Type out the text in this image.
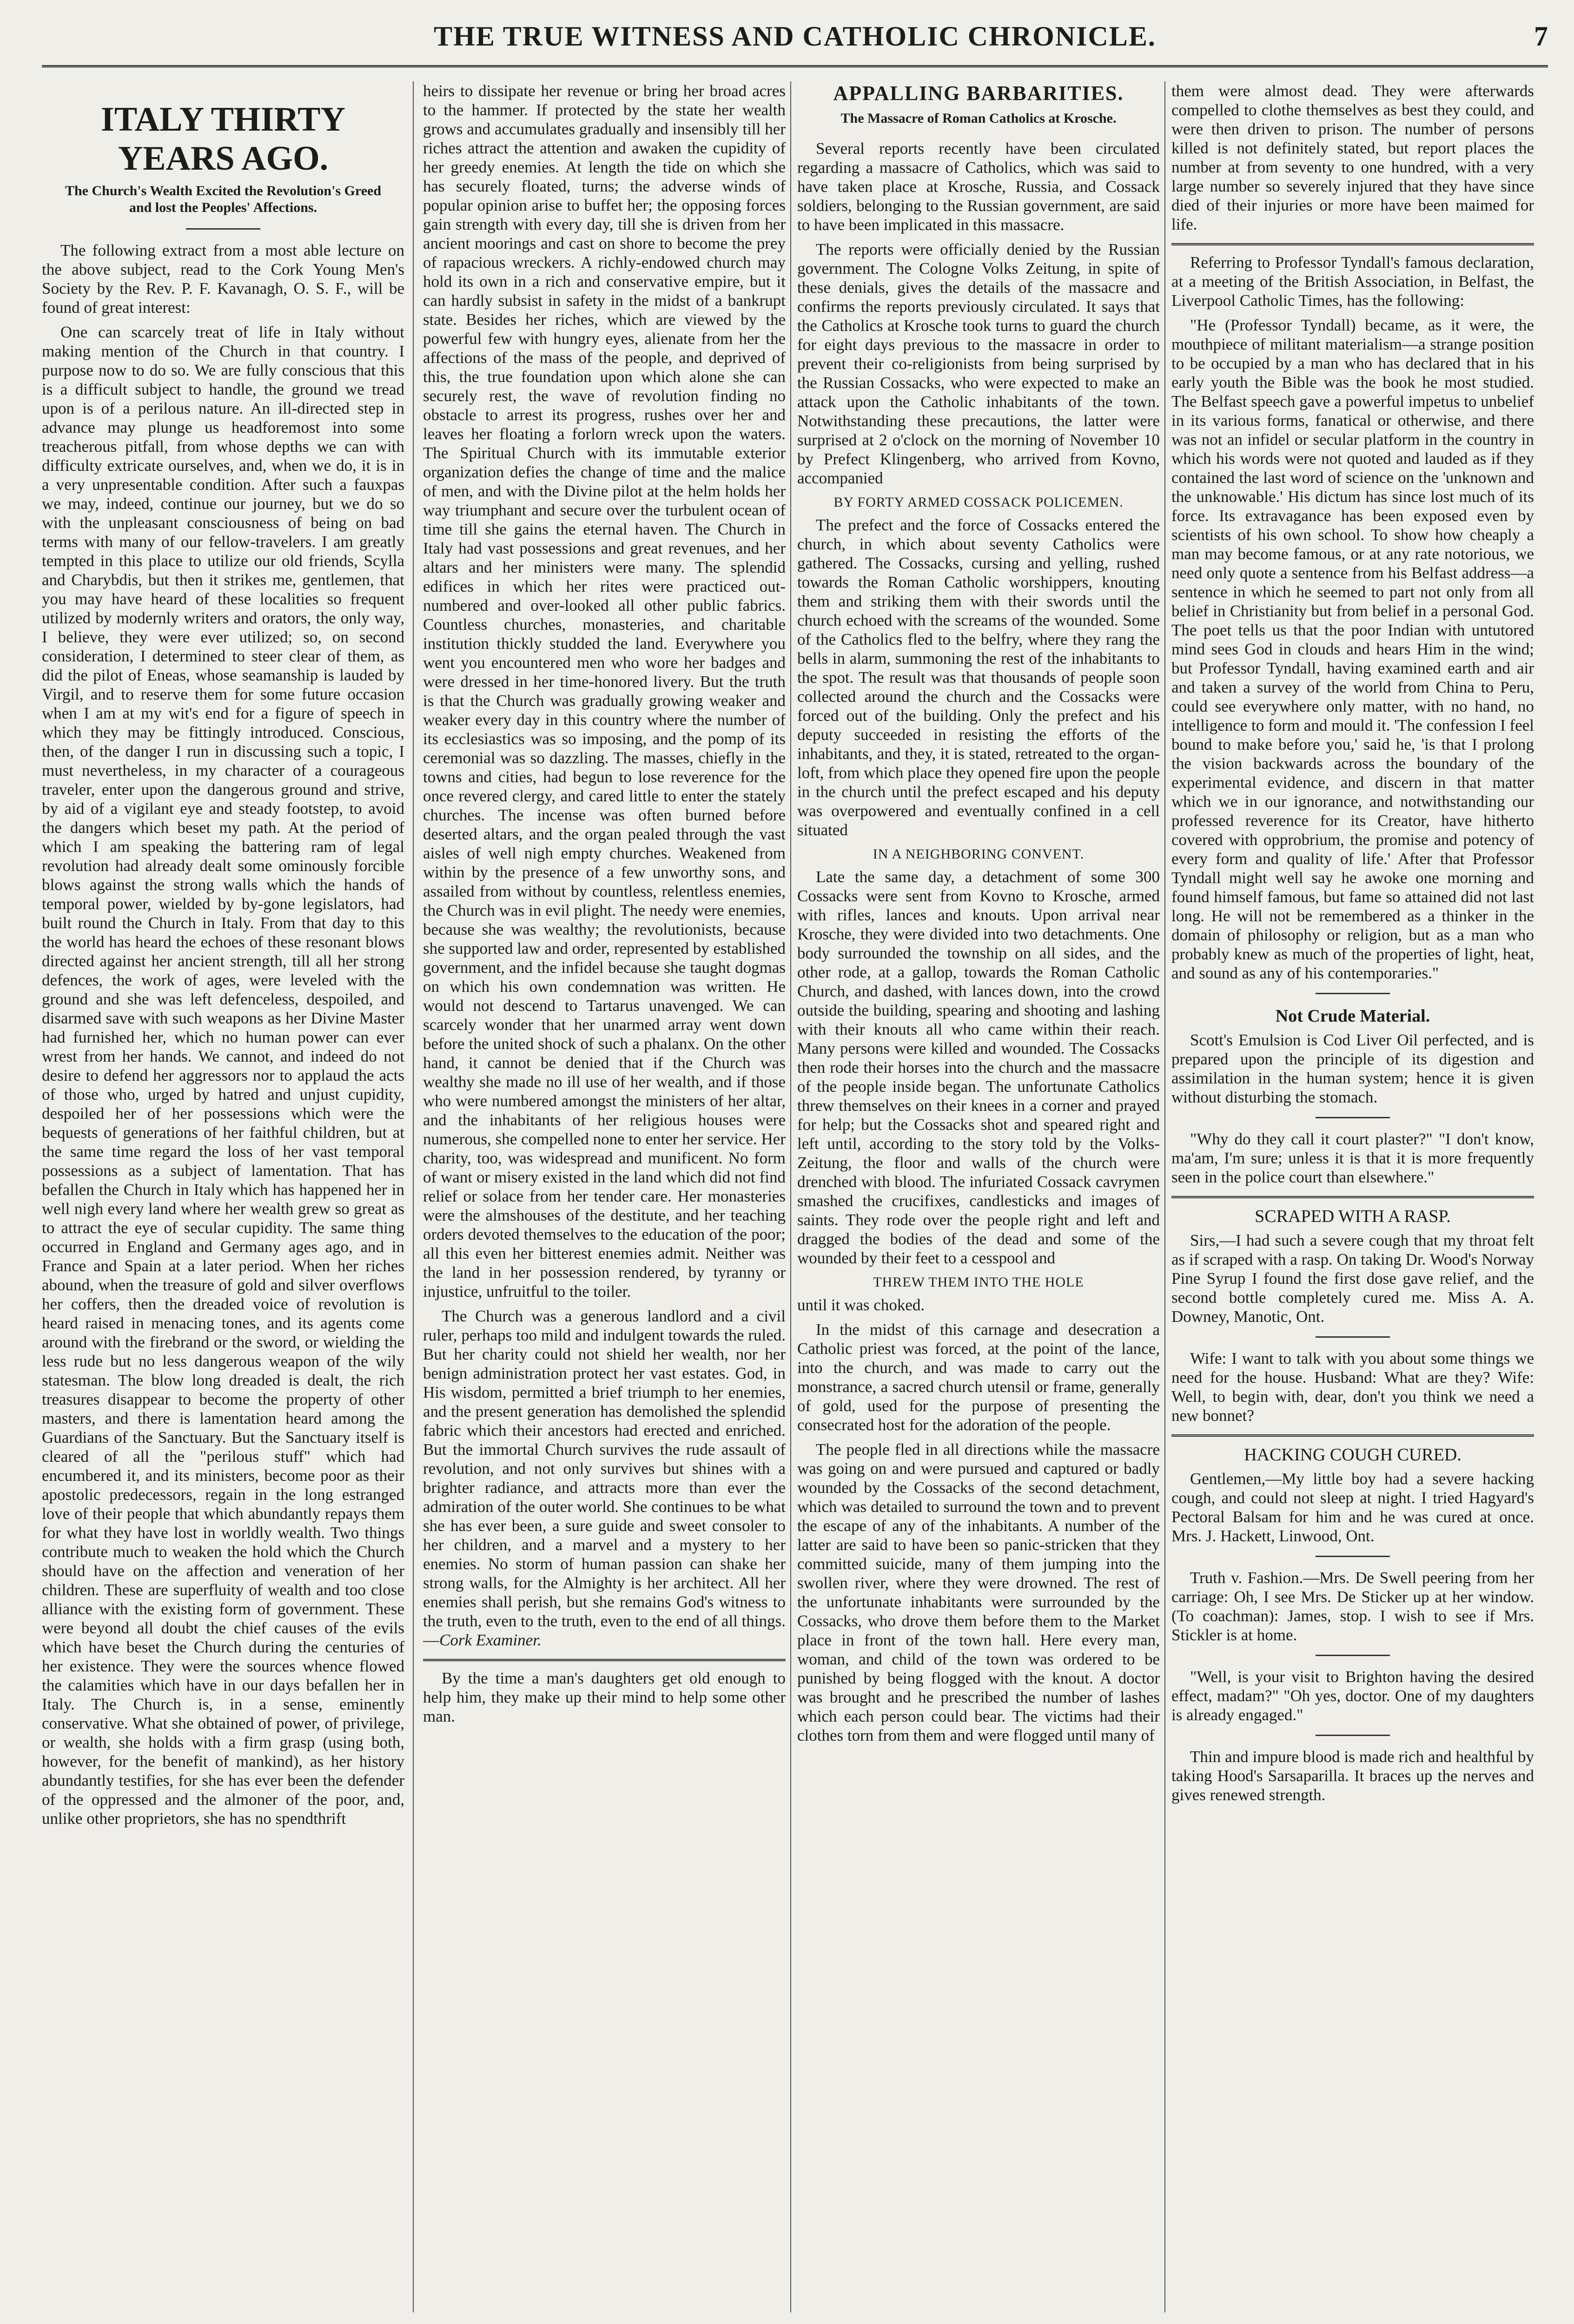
THE TRUE WITNESS AND CATHOLIC CHRONICLE.	7
ITALY THIRTY YEARS AGO.
The Church's Wealth Excited the Revolution's Greed and lost the Peoples' Affections.

The following extract from a most able lecture on the above subject, read to the Cork Young Men's Society by the Rev. P. F. Kavanagh, O. S. F., will be found of great interest:

One can scarcely treat of life in Italy without making mention of the Church in that country. I purpose now to do so. We are fully conscious that this is a difficult subject to handle, the ground we tread upon is of a perilous nature. An ill-directed step in advance may plunge us headforemost into some treacherous pitfall, from whose depths we can with difficulty extricate ourselves, and, when we do, it is in a very unpresentable condition. After such a fauxpas we may, indeed, continue our journey, but we do so with the unpleasant consciousness of being on bad terms with many of our fellow-travelers. I am greatly tempted in this place to utilize our old friends, Scylla and Charybdis, but then it strikes me, gentlemen, that you may have heard of these localities so frequent utilized by modernly writers and orators, the only way, I believe, they were ever utilized; so, on second consideration, I determined to steer clear of them, as did the pilot of Eneas, whose seamanship is lauded by Virgil, and to reserve them for some future occasion when I am at my wit's end for a figure of speech in which they may be fittingly introduced. Conscious, then, of the danger I run in discussing such a topic, I must nevertheless, in my character of a courageous traveler, enter upon the dangerous ground and strive, by aid of a vigilant eye and steady footstep, to avoid the dangers which beset my path. At the period of which I am speaking the battering ram of legal revolution had already dealt some ominously forcible blows against the strong walls which the hands of temporal power, wielded by by-gone legislators, had built round the Church in Italy. From that day to this the world has heard the echoes of these resonant blows directed against her ancient strength, till all her strong defences, the work of ages, were leveled with the ground and she was left defenceless, despoiled, and disarmed save with such weapons as her Divine Master had furnished her, which no human power can ever wrest from her hands. We cannot, and indeed do not desire to defend her aggressors nor to applaud the acts of those who, urged by hatred and unjust cupidity, despoiled her of her possessions which were the bequests of generations of her faithful children, but at the same time regard the loss of her vast temporal possessions as a subject of lamentation. That has befallen the Church in Italy which has happened her in well nigh every land where her wealth grew so great as to attract the eye of secular cupidity. The same thing occurred in England and Germany ages ago, and in France and Spain at a later period. When her riches abound, when the treasure of gold and silver overflows her coffers, then the dreaded voice of revolution is heard raised in menacing tones, and its agents come around with the firebrand or the sword, or wielding the less rude but no less dangerous weapon of the wily statesman. The blow long dreaded is dealt, the rich treasures disappear to become the property of other masters, and there is lamentation heard among the Guardians of the Sanctuary. But the Sanctuary itself is cleared of all the "perilous stuff" which had encumbered it, and its ministers, become poor as their apostolic predecessors, regain in the long estranged love of their people that which abundantly repays them for what they have lost in worldly wealth. Two things contribute much to weaken the hold which the Church should have on the affection and veneration of her children. These are superfluity of wealth and too close alliance with the existing form of government. These were beyond all doubt the chief causes of the evils which have beset the Church during the centuries of her existence. They were the sources whence flowed the calamities which have in our days befallen her in Italy. The Church is, in a sense, eminently conservative. What she obtained of power, of privilege, or wealth, she holds with a firm grasp (using both, however, for the benefit of mankind), as her history abundantly testifies, for she has ever been the defender of the oppressed and the almoner of the poor, and, unlike other proprietors, she has no spendthrift

heirs to dissipate her revenue or bring her broad acres to the hammer. If protected by the state her wealth grows and accumulates gradually and insensibly till her riches attract the attention and awaken the cupidity of her greedy enemies. At length the tide on which she has securely floated, turns; the adverse winds of popular opinion arise to buffet her; the opposing forces gain strength with every day, till she is driven from her ancient moorings and cast on shore to become the prey of rapacious wreckers. A richly-endowed church may hold its own in a rich and conservative empire, but it can hardly subsist in safety in the midst of a bankrupt state. Besides her riches, which are viewed by the powerful few with hungry eyes, alienate from her the affections of the mass of the people, and deprived of this, the true foundation upon which alone she can securely rest, the wave of revolution finding no obstacle to arrest its progress, rushes over her and leaves her floating a forlorn wreck upon the waters. The Spiritual Church with its immutable exterior organization defies the change of time and the malice of men, and with the Divine pilot at the helm holds her way triumphant and secure over the turbulent ocean of time till she gains the eternal haven. The Church in Italy had vast possessions and great revenues, and her altars and her ministers were many. The splendid edifices in which her rites were practiced out-numbered and over-looked all other public fabrics. Countless churches, monasteries, and charitable institution thickly studded the land. Everywhere you went you encountered men who wore her badges and were dressed in her time-honored livery. But the truth is that the Church was gradually growing weaker and weaker every day in this country where the number of its ecclesiastics was so imposing, and the pomp of its ceremonial was so dazzling. The masses, chiefly in the towns and cities, had begun to lose reverence for the once revered clergy, and cared little to enter the stately churches. The incense was often burned before deserted altars, and the organ pealed through the vast aisles of well nigh empty churches. Weakened from within by the presence of a few unworthy sons, and assailed from without by countless, relentless enemies, the Church was in evil plight. The needy were enemies, because she was wealthy; the revolutionists, because she supported law and order, represented by established government, and the infidel because she taught dogmas on which his own condemnation was written. He would not descend to Tartarus unavenged. We can scarcely wonder that her unarmed array went down before the united shock of such a phalanx. On the other hand, it cannot be denied that if the Church was wealthy she made no ill use of her wealth, and if those who were numbered amongst the ministers of her altar, and the inhabitants of her religious houses were numerous, she compelled none to enter her service. Her charity, too, was widespread and munificent. No form of want or misery existed in the land which did not find relief or solace from her tender care. Her monasteries were the almshouses of the destitute, and her teaching orders devoted themselves to the education of the poor; all this even her bitterest enemies admit. Neither was the land in her possession rendered, by tyranny or injustice, unfruitful to the toiler.

The Church was a generous landlord and a civil ruler, perhaps too mild and indulgent towards the ruled. But her charity could not shield her wealth, nor her benign administration protect her vast estates. God, in His wisdom, permitted a brief triumph to her enemies, and the present generation has demolished the splendid fabric which their ancestors had erected and enriched. But the immortal Church survives the rude assault of revolution, and not only survives but shines with a brighter radiance, and attracts more than ever the admiration of the outer world. She continues to be what she has ever been, a sure guide and sweet consoler to her children, and a marvel and a mystery to her enemies. No storm of human passion can shake her strong walls, for the Almighty is her architect. All her enemies shall perish, but she remains God's witness to the truth, even to the truth, even to the end of all things.—Cork Examiner.

By the time a man's daughters get old enough to help him, they make up their mind to help some other man.

APPALLING BARBARITIES.
The Massacre of Roman Catholics at Krosche.

Several reports recently have been circulated regarding a massacre of Catholics, which was said to have taken place at Krosche, Russia, and Cossack soldiers, belonging to the Russian government, are said to have been implicated in this massacre.

The reports were officially denied by the Russian government. The Cologne Volks Zeitung, in spite of these denials, gives the details of the massacre and confirms the reports previously circulated. It says that the Catholics at Krosche took turns to guard the church for eight days previous to the massacre in order to prevent their co-religionists from being surprised by the Russian Cossacks, who were expected to make an attack upon the Catholic inhabitants of the town. Notwithstanding these precautions, the latter were surprised at 2 o'clock on the morning of November 10 by Prefect Klingenberg, who arrived from Kovno, accompanied

BY FORTY ARMED COSSACK POLICEMEN.

The prefect and the force of Cossacks entered the church, in which about seventy Catholics were gathered. The Cossacks, cursing and yelling, rushed towards the Roman Catholic worshippers, knouting them and striking them with their swords until the church echoed with the screams of the wounded. Some of the Catholics fled to the belfry, where they rang the bells in alarm, summoning the rest of the inhabitants to the spot. The result was that thousands of people soon collected around the church and the Cossacks were forced out of the building. Only the prefect and his deputy succeeded in resisting the efforts of the inhabitants, and they, it is stated, retreated to the organ-loft, from which place they opened fire upon the people in the church until the prefect escaped and his deputy was overpowered and eventually confined in a cell situated

IN A NEIGHBORING CONVENT.

Late the same day, a detachment of some 300 Cossacks were sent from Kovno to Krosche, armed with rifles, lances and knouts. Upon arrival near Krosche, they were divided into two detachments. One body surrounded the township on all sides, and the other rode, at a gallop, towards the Roman Catholic Church, and dashed, with lances down, into the crowd outside the building, spearing and shooting and lashing with their knouts all who came within their reach. Many persons were killed and wounded. The Cossacks then rode their horses into the church and the massacre of the people inside began. The unfortunate Catholics threw themselves on their knees in a corner and prayed for help; but the Cossacks shot and speared right and left until, according to the story told by the Volks-Zeitung, the floor and walls of the church were drenched with blood. The infuriated Cossack cavrymen smashed the crucifixes, candlesticks and images of saints. They rode over the people right and left and dragged the bodies of the dead and some of the wounded by their feet to a cesspool and

THREW THEM INTO THE HOLE

until it was choked.

In the midst of this carnage and desecration a Catholic priest was forced, at the point of the lance, into the church, and was made to carry out the monstrance, a sacred church utensil or frame, generally of gold, used for the purpose of presenting the consecrated host for the adoration of the people.

The people fled in all directions while the massacre was going on and were pursued and captured or badly wounded by the Cossacks of the second detachment, which was detailed to surround the town and to prevent the escape of any of the inhabitants. A number of the latter are said to have been so panic-stricken that they committed suicide, many of them jumping into the swollen river, where they were drowned. The rest of the unfortunate inhabitants were surrounded by the Cossacks, who drove them before them to the Market place in front of the town hall. Here every man, woman, and child of the town was ordered to be punished by being flogged with the knout. A doctor was brought and he prescribed the number of lashes which each person could bear. The victims had their clothes torn from them and were flogged until many of

them were almost dead. They were afterwards compelled to clothe themselves as best they could, and were then driven to prison. The number of persons killed is not definitely stated, but report places the number at from seventy to one hundred, with a very large number so severely injured that they have since died of their injuries or more have been maimed for life.

Referring to Professor Tyndall's famous declaration, at a meeting of the British Association, in Belfast, the Liverpool Catholic Times, has the following:

"He (Professor Tyndall) became, as it were, the mouthpiece of militant materialism—a strange position to be occupied by a man who has declared that in his early youth the Bible was the book he most studied. The Belfast speech gave a powerful impetus to unbelief in its various forms, fanatical or otherwise, and there was not an infidel or secular platform in the country in which his words were not quoted and lauded as if they contained the last word of science on the 'unknown and the unknowable.' His dictum has since lost much of its force. Its extravagance has been exposed even by scientists of his own school. To show how cheaply a man may become famous, or at any rate notorious, we need only quote a sentence from his Belfast address—a sentence in which he seemed to part not only from all belief in Christianity but from belief in a personal God. The poet tells us that the poor Indian with untutored mind sees God in clouds and hears Him in the wind; but Professor Tyndall, having examined earth and air and taken a survey of the world from China to Peru, could see everywhere only matter, with no hand, no intelligence to form and mould it. 'The confession I feel bound to make before you,' said he, 'is that I prolong the vision backwards across the boundary of the experimental evidence, and discern in that matter which we in our ignorance, and notwithstanding our professed reverence for its Creator, have hitherto covered with opprobrium, the promise and potency of every form and quality of life.' After that Professor Tyndall might well say he awoke one morning and found himself famous, but fame so attained did not last long. He will not be remembered as a thinker in the domain of philosophy or religion, but as a man who probably knew as much of the properties of light, heat, and sound as any of his contemporaries."

Not Crude Material.

Scott's Emulsion is Cod Liver Oil perfected, and is prepared upon the principle of its digestion and assimilation in the human system; hence it is given without disturbing the stomach.

"Why do they call it court plaster?" "I don't know, ma'am, I'm sure; unless it is that it is more frequently seen in the police court than elsewhere."

SCRAPED WITH A RASP.

Sirs,—I had such a severe cough that my throat felt as if scraped with a rasp. On taking Dr. Wood's Norway Pine Syrup I found the first dose gave relief, and the second bottle completely cured me. Miss A. A. Downey, Manotic, Ont.

Wife: I want to talk with you about some things we need for the house. Husband: What are they? Wife: Well, to begin with, dear, don't you think we need a new bonnet?

HACKING COUGH CURED.

Gentlemen,—My little boy had a severe hacking cough, and could not sleep at night. I tried Hagyard's Pectoral Balsam for him and he was cured at once. Mrs. J. Hackett, Linwood, Ont.

Truth v. Fashion.—Mrs. De Swell peering from her carriage: Oh, I see Mrs. De Sticker up at her window. (To coachman): James, stop. I wish to see if Mrs. Stickler is at home.

"Well, is your visit to Brighton having the desired effect, madam?" "Oh yes, doctor. One of my daughters is already engaged."

Thin and impure blood is made rich and healthful by taking Hood's Sarsaparilla. It braces up the nerves and gives renewed strength.
